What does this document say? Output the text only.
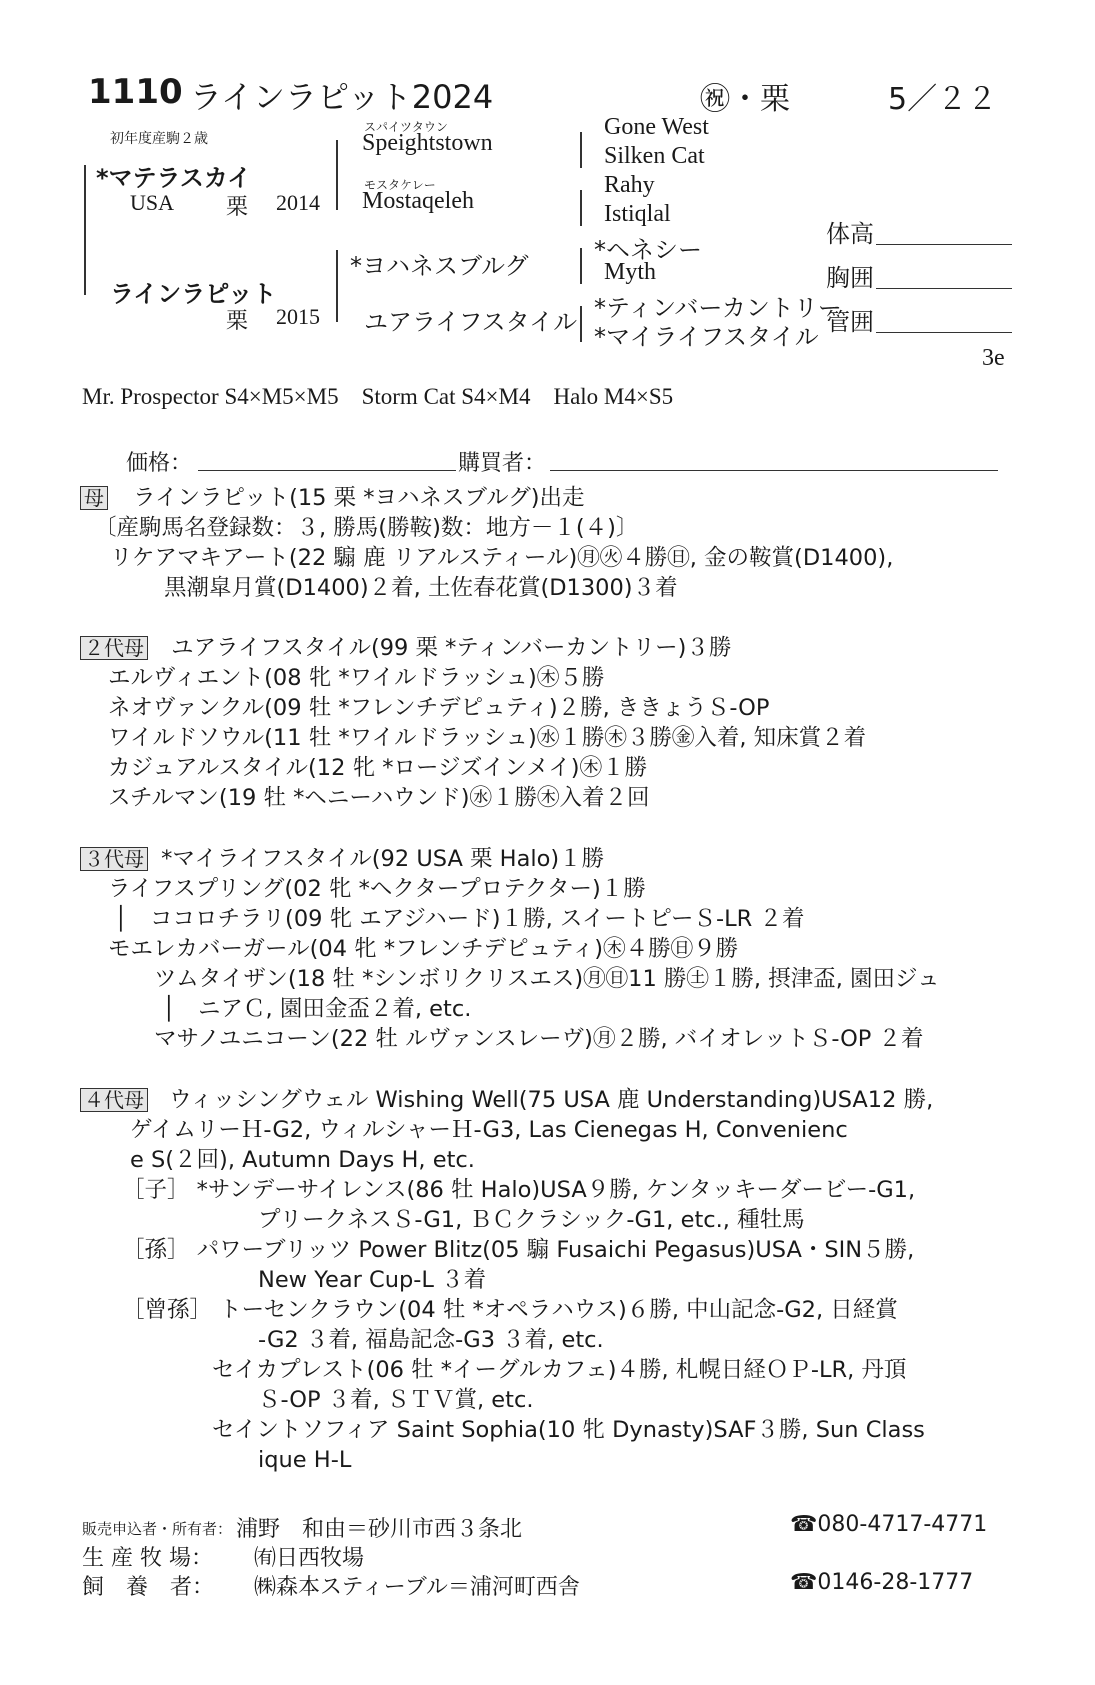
1110 ラインラピット2024	㊗・栗	5／２２
初年度産駒２歳
*マテラスカイ
USA 栗 2014
ラインラピット
栗 2015
スパイツタウン
Speightstown
モスタケレー
Mostaqeleh
*ヨハネスブルグ
ユアライフスタイル
Gone West
Silken Cat
Rahy
Istiqlal
*ヘネシー
Myth
*ティンバーカントリー
*マイライフスタイル
体高
胸囲
管囲
3e
Mr. Prospector S4×M5×M5　Storm Cat S4×M4　Halo M4×S5
価格：	購買者：
母 ラインラピット(15 栗 *ヨハネスブルグ)出走
〔産駒馬名登録数：３, 勝馬(勝鞍)数：地方－１(４)〕
リケアマキアート(22 騸 鹿 リアルスティール)㊊㊋４勝㊐, 金の鞍賞(D1400),
黒潮皐月賞(D1400)２着, 土佐春花賞(D1300)３着
２代母 ユアライフスタイル(99 栗 *ティンバーカントリー)３勝
エルヴィエント(08 牝 *ワイルドラッシュ)㊍５勝
ネオヴァンクル(09 牡 *フレンチデピュティ)２勝, ききょうＳ-OP
ワイルドソウル(11 牡 *ワイルドラッシュ)㊌１勝㊍３勝㊎入着, 知床賞２着
カジュアルスタイル(12 牝 *ロージズインメイ)㊍１勝
スチルマン(19 牡 *ヘニーハウンド)㊌１勝㊍入着２回
３代母 *マイライフスタイル(92 USA 栗 Halo)１勝
ライフスプリング(02 牝 *ヘクタープロテクター)１勝
│　ココロチラリ(09 牝 エアジハード)１勝, スイートピーＳ-LR ２着
モエレカバーガール(04 牝 *フレンチデピュティ)㊍４勝㊐９勝
ツムタイザン(18 牡 *シンボリクリスエス)㊊㊐11 勝㊏１勝, 摂津盃, 園田ジュ
│　ニアＣ, 園田金盃２着, etc.
マサノユニコーン(22 牡 ルヴァンスレーヴ)㊊２勝, バイオレットＳ-OP ２着
４代母 ウィッシングウェル Wishing Well(75 USA 鹿 Understanding)USA12 勝,
ゲイムリーＨ-G2, ウィルシャーＨ-G3, Las Cienegas H, Convenienc
e S(２回), Autumn Days H, etc.
［子］ *サンデーサイレンス(86 牡 Halo)USA９勝, ケンタッキーダービー-G1,
プリークネスＳ-G1, ＢＣクラシック-G1, etc., 種牡馬
［孫］ パワーブリッツ Power Blitz(05 騸 Fusaichi Pegasus)USA・SIN５勝,
New Year Cup-L ３着
［曾孫］ トーセンクラウン(04 牡 *オペラハウス)６勝, 中山記念-G2, 日経賞
-G2 ３着, 福島記念-G3 ３着, etc.
セイカプレスト(06 牡 *イーグルカフェ)４勝, 札幌日経ＯＰ-LR, 丹頂
Ｓ-OP ３着, ＳＴＶ賞, etc.
セイントソフィア Saint Sophia(10 牝 Dynasty)SAF３勝, Sun Class
ique H-L
販売申込者・所有者： 浦野　和由＝砂川市西３条北	☎080-4717-4771
生 産 牧 場： ㈲日西牧場
飼　養　者： ㈱森本スティーブル＝浦河町西舎	☎0146-28-1777
